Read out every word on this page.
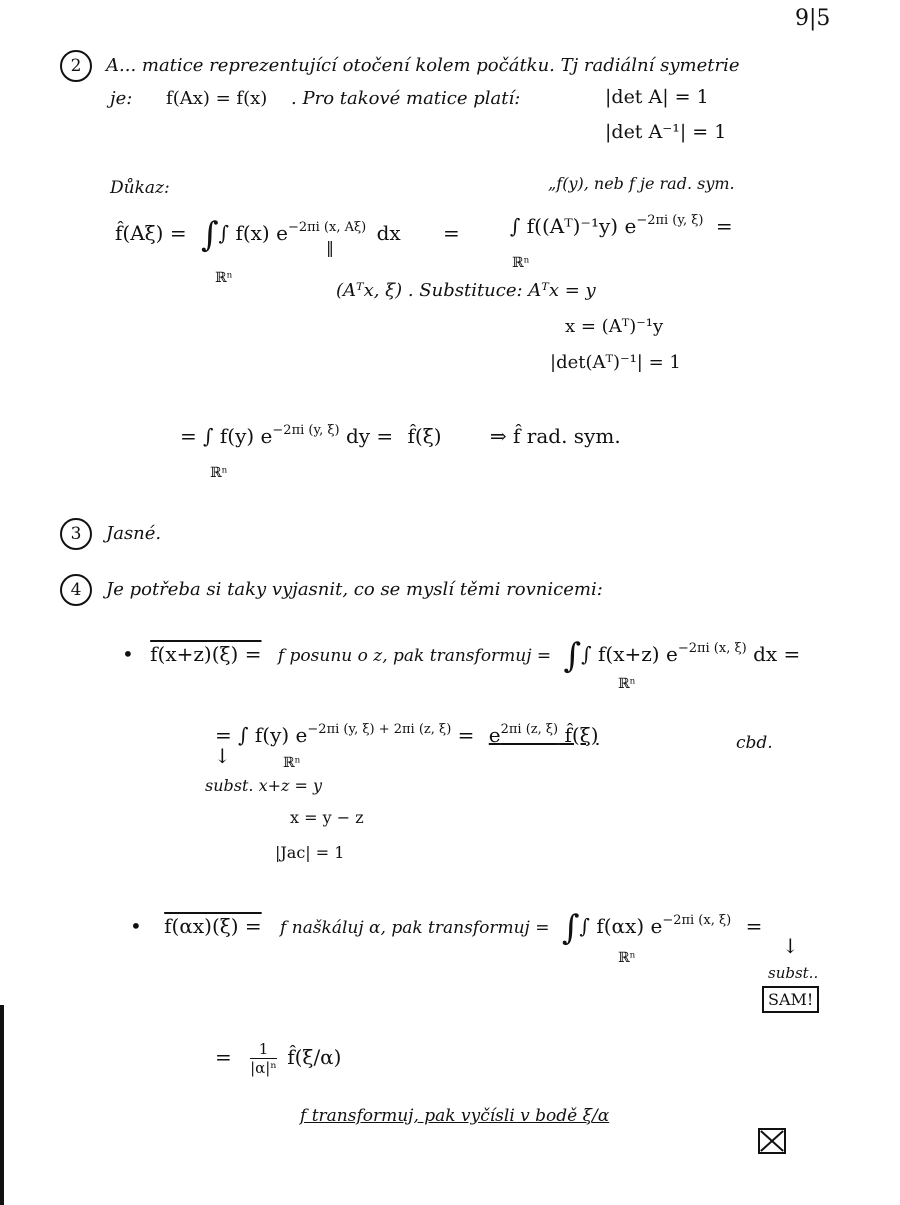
9|5
2 A... matice reprezentující otočení kolem počátku. Tj radiální symetrie
je: f(Ax) = f(x) . Pro takové matice platí:	|det A| = 1
|det A⁻¹| = 1
Důkaz:	„f(y), neb f je rad. sym.
f̂(Aξ) = ∫∫ f(x) $e^{-2\pi i (x, A\xi)}$ dx =	∫ f((Aᵀ)⁻¹y) $e^{-2\pi i (y, \xi)}$ =
ℝⁿ
‖
ℝⁿ
(Aᵀx, ξ) . Substituce: Aᵀx = y
x = (Aᵀ)⁻¹y
|det(Aᵀ)⁻¹| = 1
= ∫ f(y) $e^{-2\pi i (y, \xi)}$ dy = f̂(ξ) ⇒ f̂ rad. sym.
ℝⁿ
3 Jasné.
4 Je potřeba si taky vyjasnit, co se myslí těmi rovnicemi:
• f(x+z)(ξ) = f posunu o z, pak transformuj = ∫∫ f(x+z) $e^{-2\pi i (x, \xi)}$ dx =
ℝⁿ
= ∫ f(y) $e^{-2\pi i (y, \xi) + 2\pi i (z, \xi)} = e^{2\pi i (z, \xi)}$ f̂(ξ)	cbd.
ℝⁿ
↓
subst. x+z = y
x = y − z
|Jac| = 1
• f(αx)(ξ) = f naškáluj α, pak transformuj = ∫∫ f(αx) $e^{-2\pi i (x, \xi)}$ =
ℝⁿ	↓
subst..
SAM!
= $\frac{1}{\text{|α|ⁿ}}$ f̂(ξ/α)
f transformuj, pak vyčísli v bodě ξ/α
